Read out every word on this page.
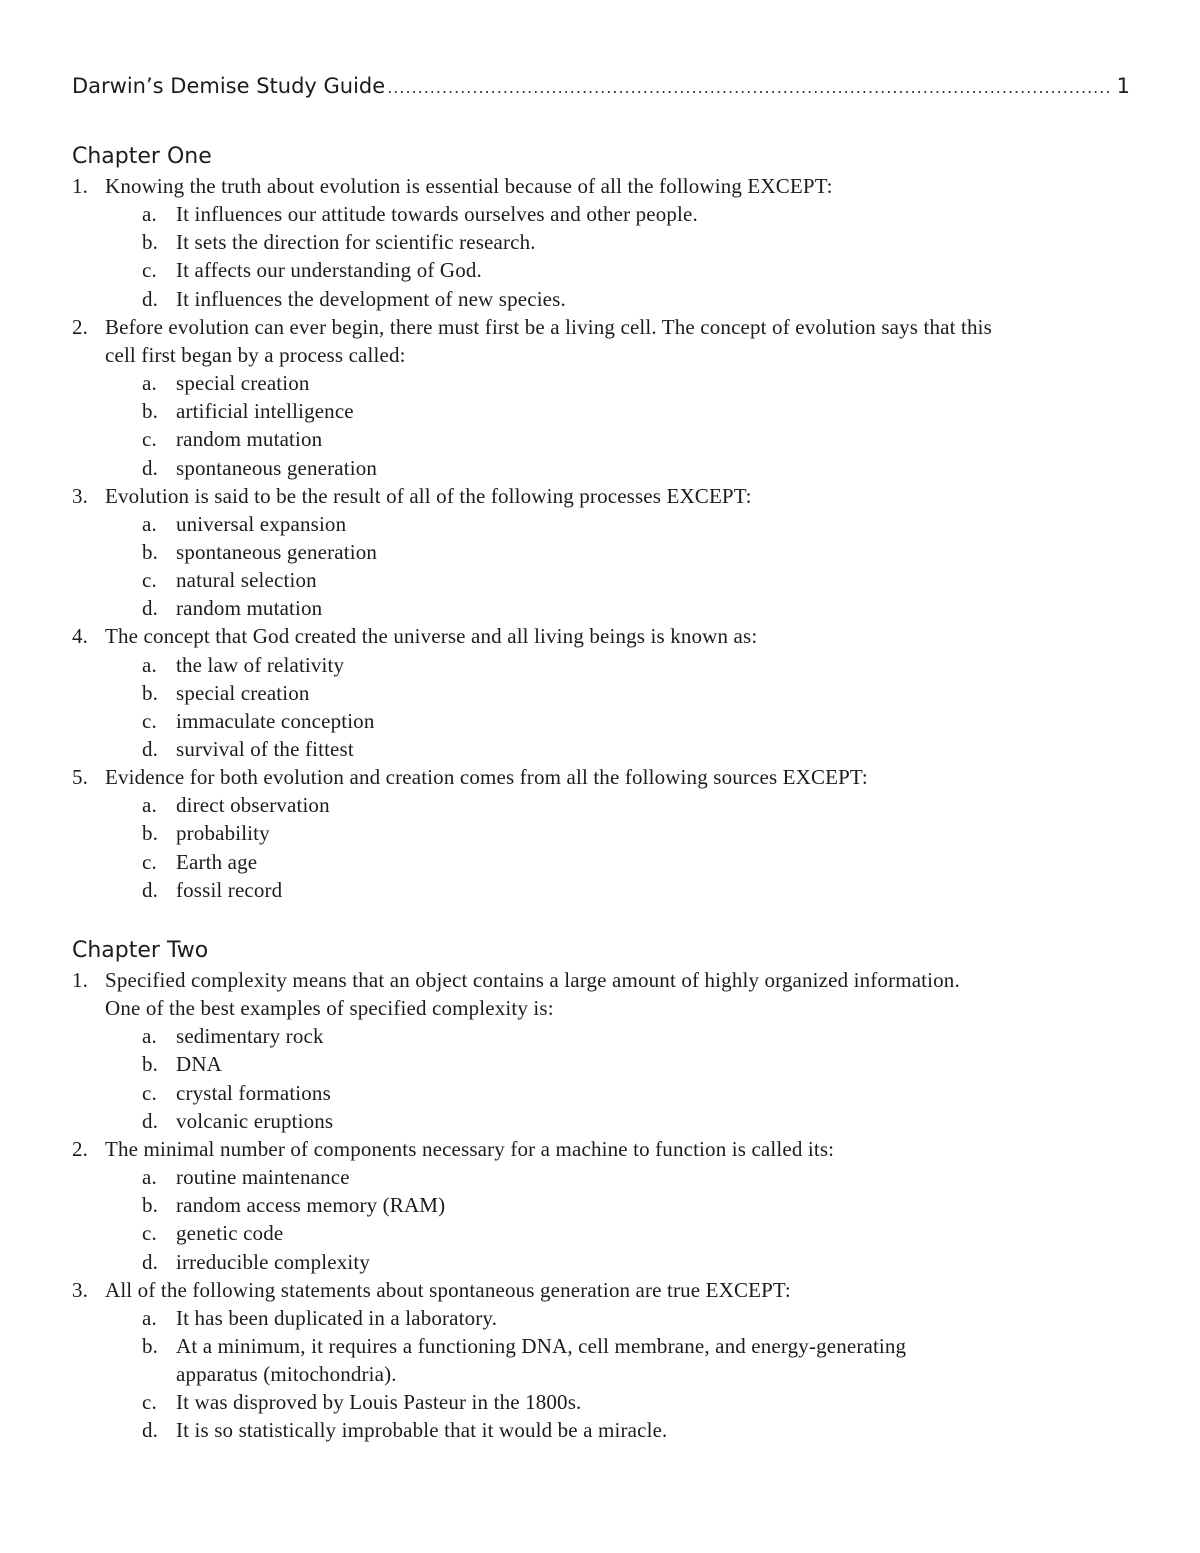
Darwin’s Demise Study Guide
.....	1
Chapter One
1. Knowing the truth about evolution is essential because of all the following EXCEPT:
a. It influences our attitude towards ourselves and other people.
b. It sets the direction for scientific research.
c. It affects our understanding of God.
d. It influences the development of new species.
2. Before evolution can ever begin, there must first be a living cell. The concept of evolution says that this
cell first began by a process called:
a. special creation
b. artificial intelligence
c. random mutation
d. spontaneous generation
3. Evolution is said to be the result of all of the following processes EXCEPT:
a. universal expansion
b. spontaneous generation
c. natural selection
d. random mutation
4. The concept that God created the universe and all living beings is known as:
a. the law of relativity
b. special creation
c. immaculate conception
d. survival of the fittest
5. Evidence for both evolution and creation comes from all the following sources EXCEPT:
a. direct observation
b. probability
c. Earth age
d. fossil record
Chapter Two
1. Specified complexity means that an object contains a large amount of highly organized information.
One of the best examples of specified complexity is:
a. sedimentary rock
b. DNA
c. crystal formations
d. volcanic eruptions
2. The minimal number of components necessary for a machine to function is called its:
a. routine maintenance
b. random access memory (RAM)
c. genetic code
d. irreducible complexity
3. All of the following statements about spontaneous generation are true EXCEPT:
a. It has been duplicated in a laboratory.
b. At a minimum, it requires a functioning DNA, cell membrane, and energy-generating
apparatus (mitochondria).
c. It was disproved by Louis Pasteur in the 1800s.
d. It is so statistically improbable that it would be a miracle.
